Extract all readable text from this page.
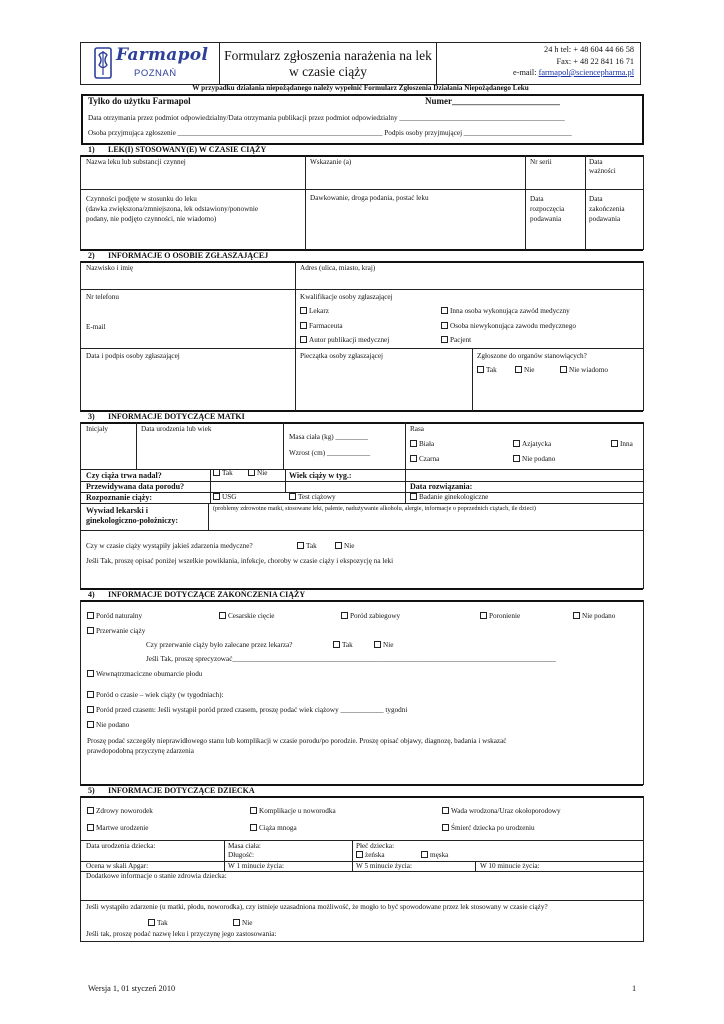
Farmapol
POZNAŃ
Formularz zgłoszenia narażenia na lek
w czasie ciąży
24 h tel: + 48 604 44 66 58
Fax: + 48 22 841 16 71
e-mail: farmapol@sciencepharma.pl
W przypadku działania niepożądanego należy wypełnić Formularz Zgłoszenia Działania Niepożądanego Leku
Tylko do użytku Farmapol	Numer________________________
Data otrzymania przez podmiot odpowiedzialny/Data otrzymania publikacji przez podmiot odpowiedzialny ______________________________________________
Osoba przyjmująca zgłoszenie _________________________________________________________ Podpis osoby przyjmującej ______________________________
1) LEK(I) STOSOWANY(E) W CZASIE CIĄŻY
Nazwa leku lub substancji czynnej	Wskazanie (a)	Nr serii	Data
ważności
Czynności podjęte w stosunku do leku
(dawka zwiększona/zmniejszona, lek odstawiony/ponownie
podany, nie podjęto czynności, nie wiadomo)
Dawkowanie, droga podania, postać leku	Data
rozpoczęcia
podawania
Data
zakończenia
podawania
2) INFORMACJE O OSOBIE ZGŁASZAJĄCEJ
Nazwisko i imię	Adres (ulica, miasto, kraj)
Nr telefonu
E-mail
Kwalifikacje osoby zgłaszającej
Lekarz
Farmaceuta
Autor publikacji medycznej
Inna osoba wykonująca zawód medyczny
Osoba niewykonująca zawodu medycznego
Pacjent
Data i podpis osoby zgłaszającej	Pieczątka osoby zgłaszającej	Zgłoszone do organów stanowiących?
Tak	Nie	Nie wiadomo
3) INFORMACJE DOTYCZĄCE MATKI
Inicjały	Data urodzenia lub wiek
Masa ciała (kg) _________
Wzrost (cm) ____________
Rasa
Biała
Czarna
Azjatycka
Nie podano
Inna
Czy ciąża trwa nadal?	Tak	Nie	Wiek ciąży w tyg.:
Przewidywana data porodu?	Data rozwiązania:
Rozpoznanie ciąży:	USG	Test ciążowy	Badanie ginekologiczne
Wywiad lekarski i
ginekologiczno-położniczy:
(problemy zdrowotne matki, stosowane leki, palenie, nadużywanie alkoholu, alergie, informacje o poprzednich ciążach, ile dzieci)
Czy w czasie ciąży wystąpiły jakieś zdarzenia medyczne?	Tak	Nie
Jeśli Tak, proszę opisać poniżej wszelkie powikłania, infekcje, choroby w czasie ciąży i ekspozycję na leki
4) INFORMACJE DOTYCZĄCE ZAKOŃCZENIA CIĄŻY
Poród naturalny	Cesarskie cięcie	Poród zabiegowy	Poronienie	Nie podano
Przerwanie ciąży
Czy przerwanie ciąży było zalecane przez lekarza?	Tak	Nie
Jeśli Tak, proszę sprecyzować__________________________________________________________________________________________
Wewnątrzmaciczne obumarcie płodu
Poród o czasie – wiek ciąży (w tygodniach):
Poród przed czasem: Jeśli wystąpił poród przed czasem, proszę podać wiek ciążowy ____________ tygodni
Nie podano
Proszę podać szczegóły nieprawidłowego stanu lub komplikacji w czasie porodu/po porodzie. Proszę opisać objawy, diagnozę, badania i wskazać
prawdopodobną przyczynę zdarzenia
5) INFORMACJE DOTYCZĄCE DZIECKA
Zdrowy noworodek	Komplikacje u noworodka	Wada wrodzona/Uraz okołoporodowy
Martwe urodzenie	Ciąża mnoga	Śmierć dziecka po urodzeniu
Data urodzenia dziecka:	Masa ciała:
Długość:
Płeć dziecka:
żeńska	męska
Ocena w skali Apgar:	W 1 minucie życia:	W 5 minucie życia:	W 10 minucie życia:
Dodatkowe informacje o stanie zdrowia dziecka:
Jeśli wystąpiło zdarzenie (u matki, płodu, noworodka), czy istnieje uzasadniona możliwość, że mogło to być spowodowane przez lek stosowany w czasie ciąży?
Tak	Nie
Jeśli tak, proszę podać nazwę leku i przyczynę jego zastosowania:
Wersja 1, 01 styczeń 2010	1
